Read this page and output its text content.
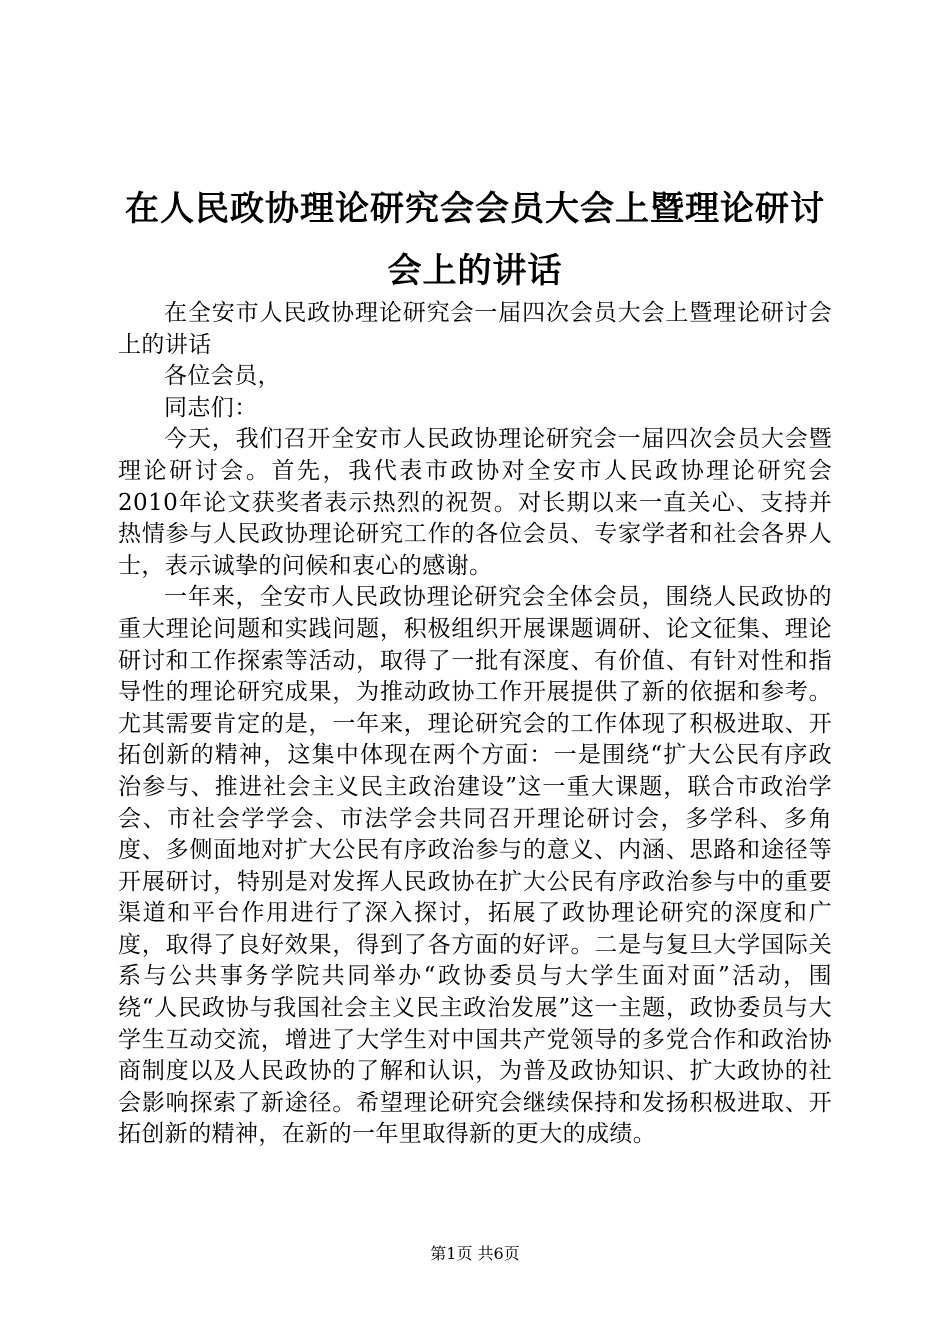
在人民政协理论研究会会员大会上暨理论研讨会上的讲话

在全安市人民政协理论研究会一届四次会员大会上暨理论研讨会上的讲话

各位会员，

同志们：

今天，我们召开全安市人民政协理论研究会一届四次会员大会暨理论研讨会。首先，我代表市政协对全安市人民政协理论研究会2010年论文获奖者表示热烈的祝贺。对长期以来一直关心、支持并热情参与人民政协理论研究工作的各位会员、专家学者和社会各界人士，表示诚挚的问候和衷心的感谢。

一年来，全安市人民政协理论研究会全体会员，围绕人民政协的重大理论问题和实践问题，积极组织开展课题调研、论文征集、理论研讨和工作探索等活动，取得了一批有深度、有价值、有针对性和指导性的理论研究成果，为推动政协工作开展提供了新的依据和参考。尤其需要肯定的是，一年来，理论研究会的工作体现了积极进取、开拓创新的精神，这集中体现在两个方面：一是围绕“扩大公民有序政治参与、推进社会主义民主政治建设”这一重大课题，联合市政治学会、市社会学学会、市法学会共同召开理论研讨会，多学科、多角度、多侧面地对扩大公民有序政治参与的意义、内涵、思路和途径等开展研讨，特别是对发挥人民政协在扩大公民有序政治参与中的重要渠道和平台作用进行了深入探讨，拓展了政协理论研究的深度和广度，取得了良好效果，得到了各方面的好评。二是与复旦大学国际关系与公共事务学院共同举办“政协委员与大学生面对面”活动，围绕“人民政协与我国社会主义民主政治发展”这一主题，政协委员与大学生互动交流，增进了大学生对中国共产党领导的多党合作和政治协商制度以及人民政协的了解和认识，为普及政协知识、扩大政协的社会影响探索了新途径。希望理论研究会继续保持和发扬积极进取、开拓创新的精神，在新的一年里取得新的更大的成绩。

第1页 共6页
